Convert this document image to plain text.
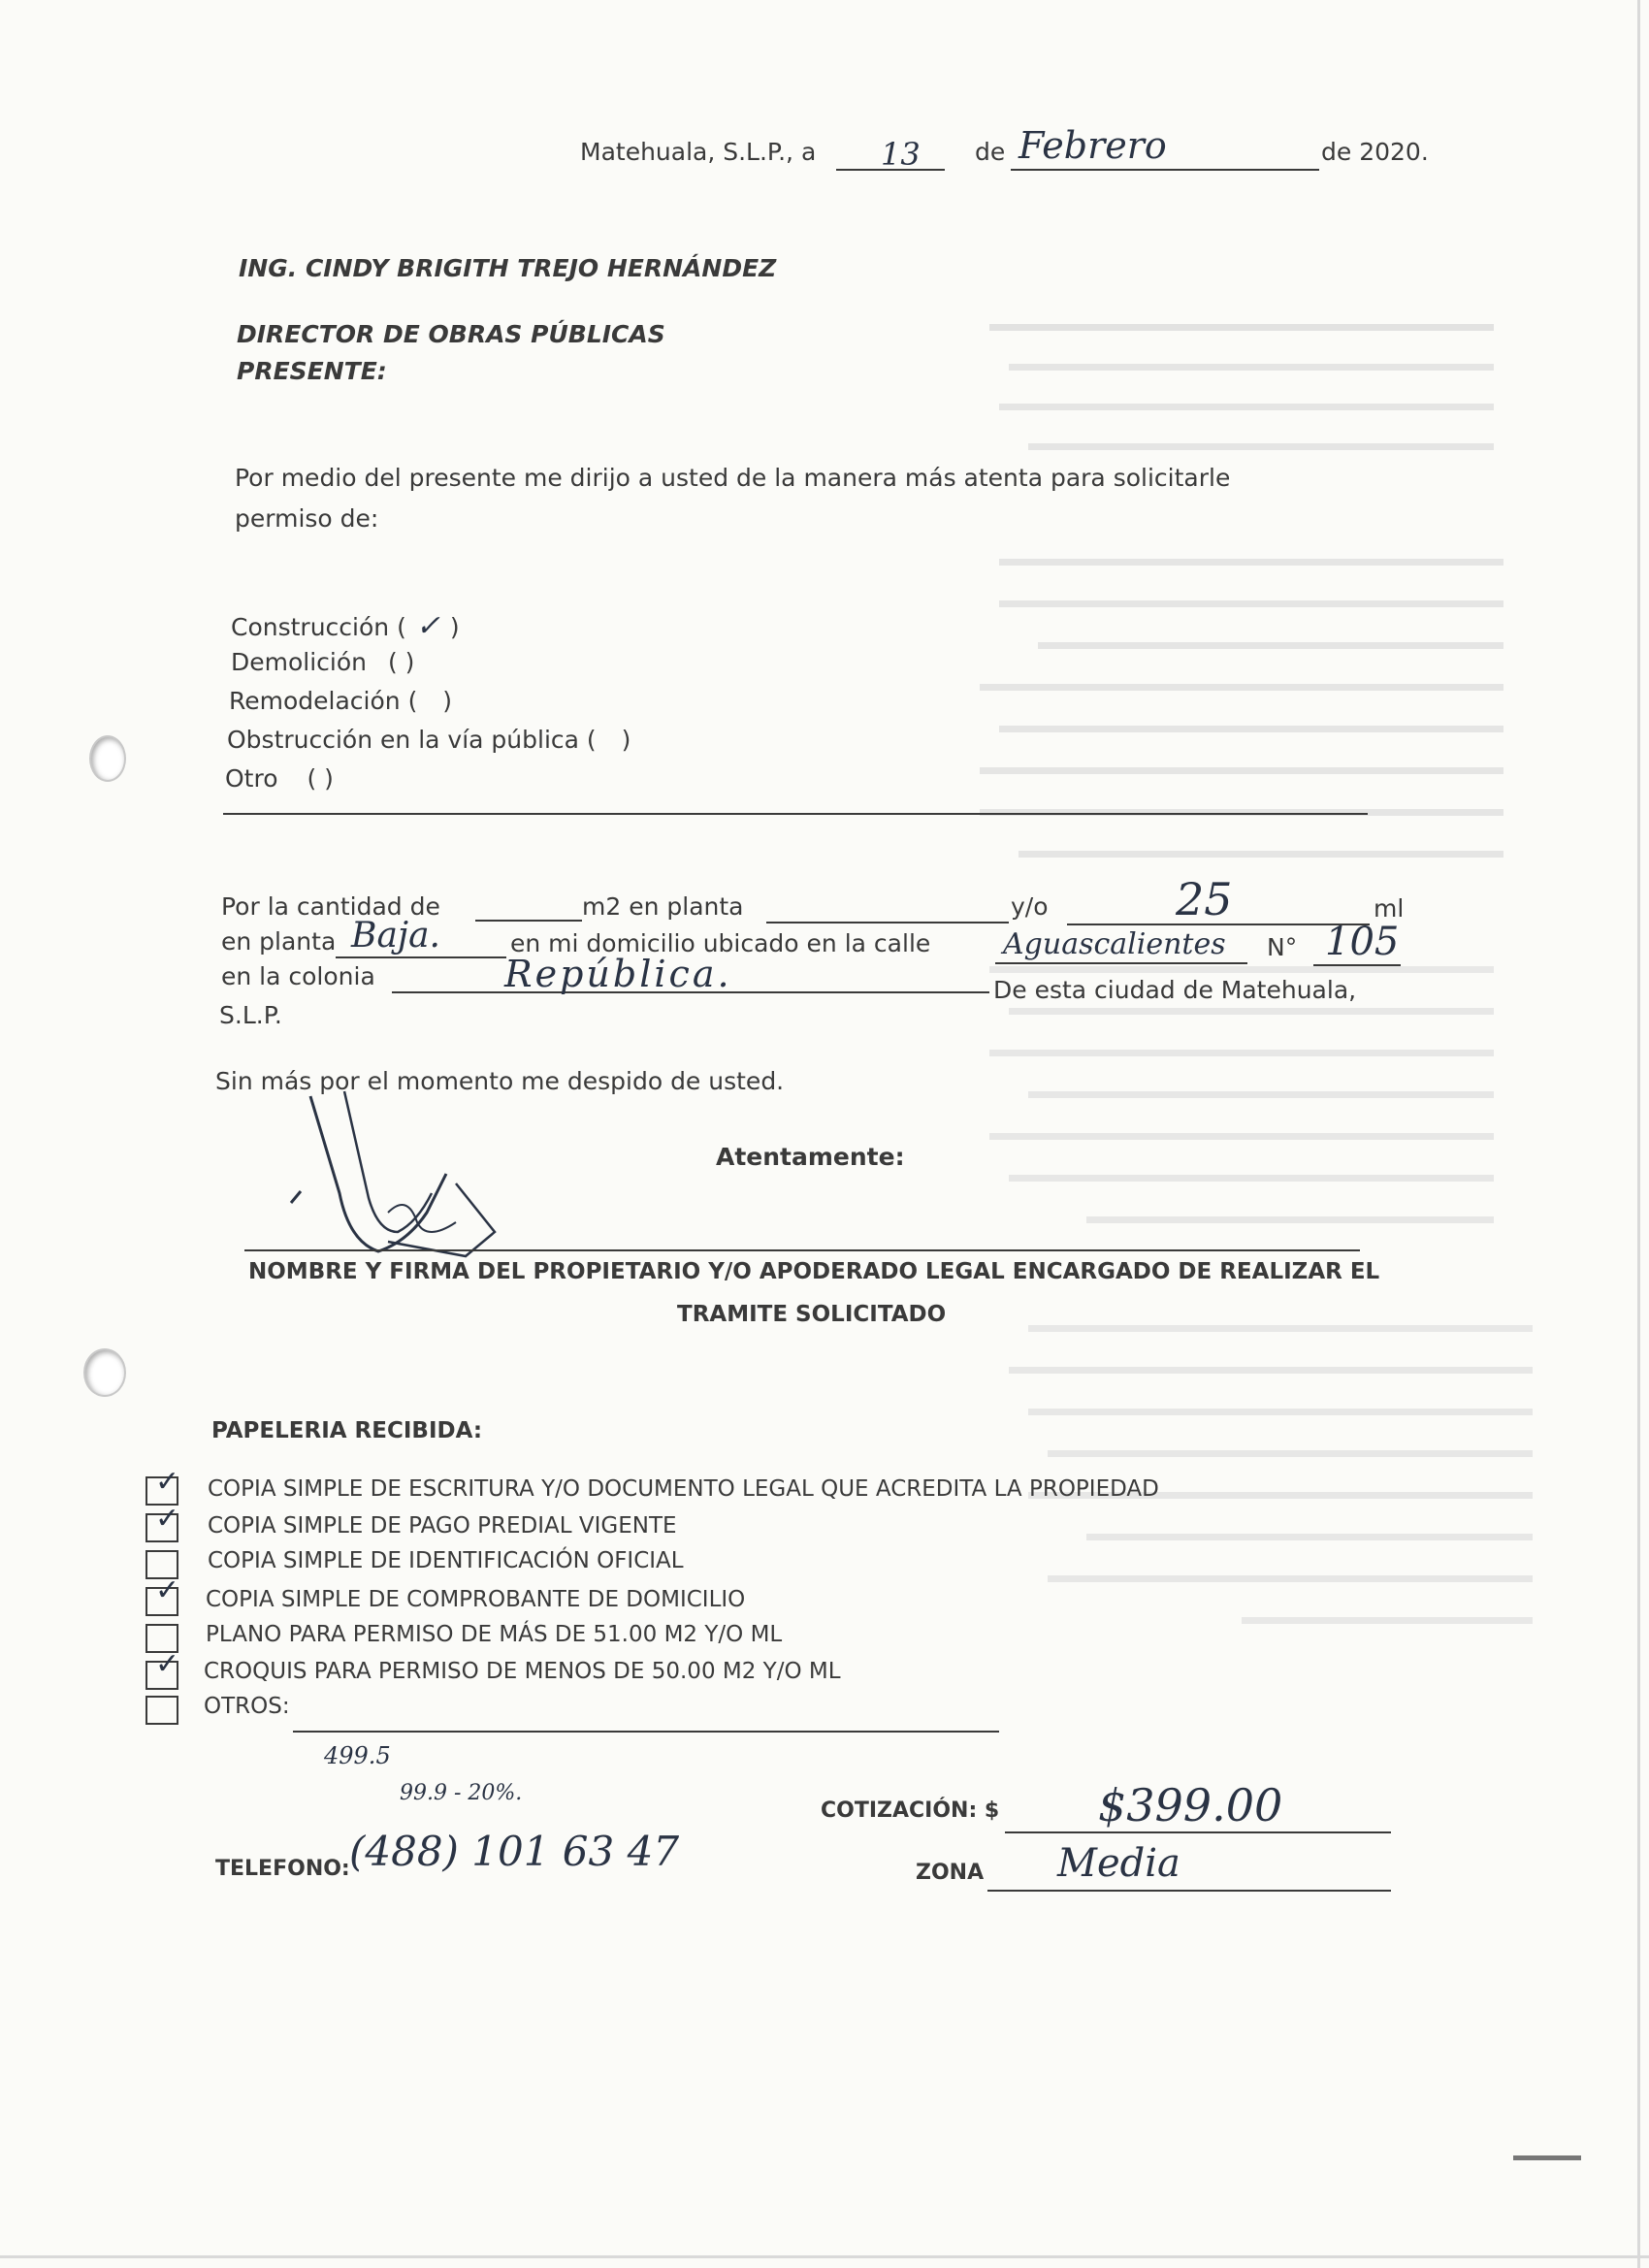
Matehuala, S.L.P., a 13 de Febrero	de 2020.
ING. CINDY BRIGITH TREJO HERNÁNDEZ
DIRECTOR DE OBRAS PÚBLICAS
PRESENTE:
Por medio del presente me dirijo a usted de la manera más atenta para solicitarle
permiso de:
Construcción ( ✓ )
Demolición ( )
Remodelación ( )
Obstrucción en la vía pública ( )
Otro ( )
Por la cantidad de	m2 en planta	y/o	25	ml
en planta Baja.	en mi domicilio ubicado en la calle Aguascalientes N° 105
en la colonia	República.	De esta ciudad de Matehuala,
S.L.P.
Sin más por el momento me despido de usted.
Atentamente:
NOMBRE Y FIRMA DEL PROPIETARIO Y/O APODERADO LEGAL ENCARGADO DE REALIZAR EL
TRAMITE SOLICITADO
PAPELERIA RECIBIDA:
✓ COPIA SIMPLE DE ESCRITURA Y/O DOCUMENTO LEGAL QUE ACREDITA LA PROPIEDAD
✓ COPIA SIMPLE DE PAGO PREDIAL VIGENTE
COPIA SIMPLE DE IDENTIFICACIÓN OFICIAL
✓ COPIA SIMPLE DE COMPROBANTE DE DOMICILIO
PLANO PARA PERMISO DE MÁS DE 51.00 M2 Y/O ML
✓ CROQUIS PARA PERMISO DE MENOS DE 50.00 M2 Y/O ML
OTROS:
499.5
99.9 - 20%.
COTIZACIÓN: $ $399.00
TELEFONO: (488) 101 63 47	ZONA Media
